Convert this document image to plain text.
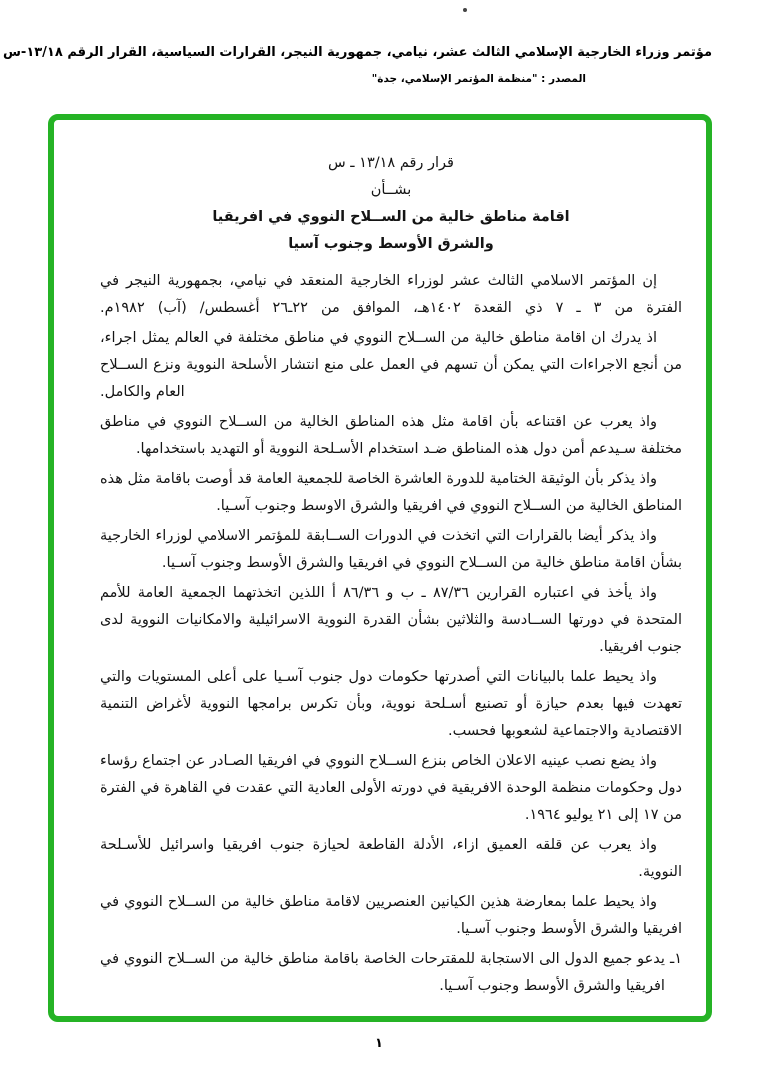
مؤتمر وزراء الخارجية الإسلامي الثالث عشر، نيامي، جمهورية النيجر، القرارات السياسية، القرار الرقم ١٣/١٨-س
المصدر : "منظمة المؤتمر الإسلامي، جدة"
قرار رقم ١٣/١٨ ـ س
بشــأن
اقامة مناطق خالية من الســلاح النووي في افريقيا
والشرق الأوسط وجنوب آسيا

إن المؤتمر الاسلامي الثالث عشر لوزراء الخارجية المنعقد في نيامي، بجمهورية النيجر في الفترة من ٣ ـ ٧ ذي القعدة ١٤٠٢هـ، الموافق من ٢٢ـ٢٦ أغسطس/ (آب) ١٩٨٢م.

اذ يدرك ان اقامة مناطق خالية من الســلاح النووي في مناطق مختلفة في العالم يمثل اجراء، من أنجع الاجراءات التي يمكن أن تسهم في العمل على منع انتشار الأسلحة النووية ونزع الســلاح العام والكامل.

واذ يعرب عن اقتناعه بأن اقامة مثل هذه المناطق الخالية من الســلاح النووي في مناطق مختلفة سـيدعم أمن دول هذه المناطق ضـد استخدام الأسـلحة النووية أو التهديد باستخدامها.

واذ يذكر بأن الوثيقة الختامية للدورة العاشرة الخاصة للجمعية العامة قد أوصت باقامة مثل هذه المناطق الخالية من الســلاح النووي في افريقيا والشرق الاوسط وجنوب آسـيا.

واذ يذكر أيضا بالقرارات التي اتخذت في الدورات الســابقة للمؤتمر الاسلامي لوزراء الخارجية بشأن اقامة مناطق خالية من الســلاح النووي في افريقيا والشرق الأوسط وجنوب آسـيا.

واذ يأخذ في اعتباره القرارين ٨٧/٣٦ ـ ب و ٨٦/٣٦ أ اللذين اتخذتهما الجمعية العامة للأمم المتحدة في دورتها الســادسة والثلاثين بشأن القدرة النووية الاسرائيلية والامكانيات النووية لدى جنوب افريقيا.

واذ يحيط علما بالبيانات التي أصدرتها حكومات دول جنوب آسـيا على أعلى المستويات والتي تعهدت فيها بعدم حيازة أو تصنيع أسـلحة نووية، وبأن تكرس برامجها النووية لأغراض التنمية الاقتصادية والاجتماعية لشعوبها فحسب.

واذ يضع نصب عينيه الاعلان الخاص بنزع الســلاح النووي في افريقيا الصـادر عن اجتماع رؤساء دول وحكومات منظمة الوحدة الافريقية في دورته الأولى العادية التي عقدت في القاهرة في الفترة من ١٧ إلى ٢١ يوليو ١٩٦٤.

واذ يعرب عن قلقه العميق ازاء، الأدلة القاطعة لحيازة جنوب افريقيا واسرائيل للأسـلحة النووية.

واذ يحيط علما بمعارضة هذين الكيانين العنصريين لاقامة مناطق خالية من الســلاح النووي في افريقيا والشرق الأوسط وجنوب آسـيا.

١ـ
يدعو جميع الدول الى الاستجابة للمقترحات الخاصة باقامة مناطق خالية من الســلاح النووي في افريقيا والشرق الأوسط وجنوب آسـيا.
١
